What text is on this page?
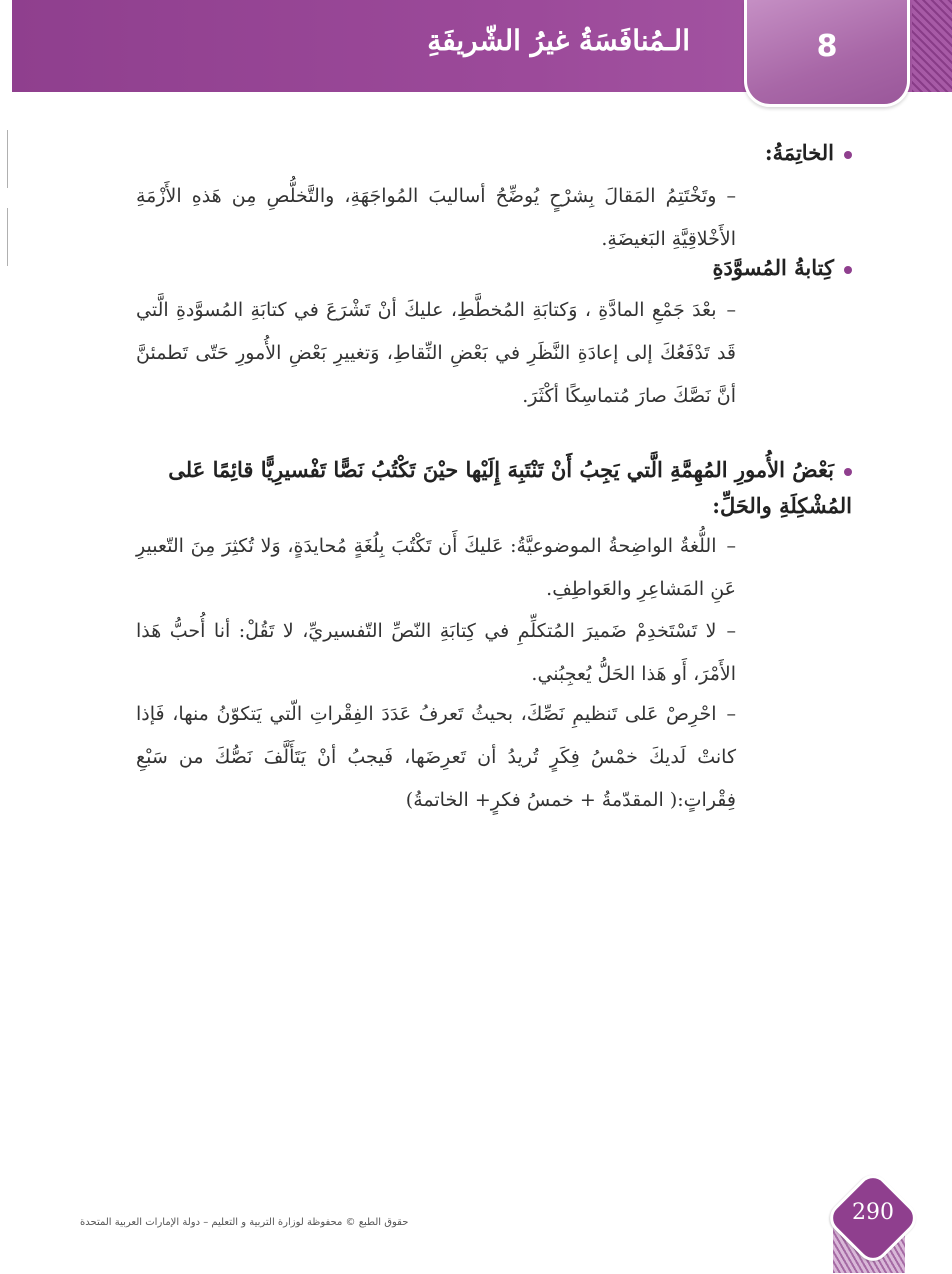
الـمُنافَسَةُ غيرُ الشّريفَةِ	8
الخاتِمَةُ:
–وتَخْتَتِمُ المَقالَ بِشرْحٍ يُوضِّحُ أساليبَ المُواجَهَةِ، والتَّخلُّصِ مِن هَذهِ الأَزْمَةِ الأَخْلاقِيَّةِ البَغيضَةِ.
كِتابةُ المُسوَّدَةِ
–بعْدَ جَمْعِ المادَّةِ ، وَكتابَةِ المُخطَّطِ، عليكَ أنْ تَشْرَعَ في كتابَةِ المُسوَّدةِ الَّتي قَد تَدْفَعُكَ إلى إعادَةِ النَّظَرِ في بَعْضِ النِّقاطِ، وَتغييرِ بَعْضِ الأُمورِ حَتّى تَطمئنَّ أنَّ نَصَّكَ صارَ مُتماسِكًا أكْثَرَ.
بَعْضُ الأُمورِ المُهِمَّةِ الَّتي يَجِبُ أَنْ تَنْتَبِهَ إِلَيْها حيْنَ تَكْتُبُ نَصًّا تَفْسيرِيًّا قائِمًا عَلى المُشْكِلَةِ والحَلِّ:
–اللُّغةُ الواضِحةُ الموضوعيَّةُ: عَليكَ أَن تَكْتُبَ بِلُغَةٍ مُحايدَةٍ، وَلا تُكثِرَ مِنَ التّعبيرِ عَنِ المَشاعِرِ والعَواطِفِ.
–لا تَسْتَخدِمْ ضَميرَ المُتكلِّمِ في كِتابَةِ النّصِّ التّفسيريِّ، لا تَقُلْ: أنا أُحبُّ هَذا الأَمْرَ، أَو هَذا الحَلُّ يُعجِبُني.
–احْرِصْ عَلى تَنظيمِ نَصِّكَ، بحيثُ تَعرفُ عَدَدَ الفِقْراتِ الّتي يَتكوّنُ منها، فَإذا كانتْ لَديكَ خمْسُ فِكَرٍ تُريدُ أن تَعرِضَها، فَيجبُ أنْ يَتَأَلَّفَ نَصُّكَ من سَبْعِ فِقْراتٍ:( المقدّمةُ + خمسُ فكرٍ+ الخاتمةُ)
حقوق الطبع © محفوظة لوزارة التربية و التعليم – دولة الإمارات العربية المتحدة	290
